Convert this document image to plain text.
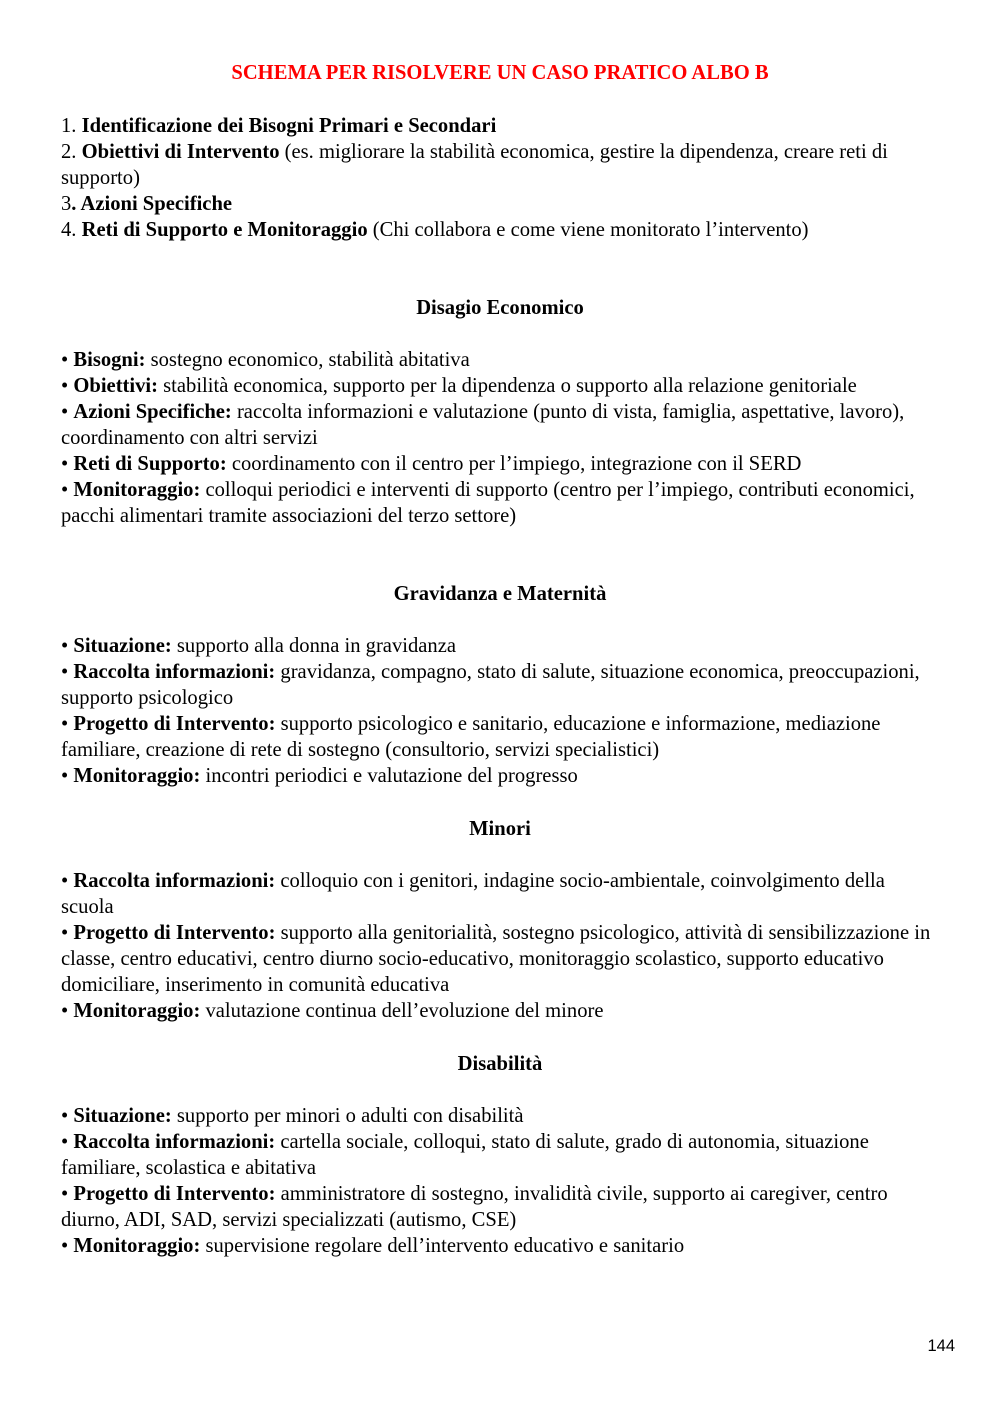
SCHEMA PER RISOLVERE UN CASO PRATICO ALBO B

1. Identificazione dei Bisogni Primari e Secondari

2. Obiettivi di Intervento (es. migliorare la stabilità economica, gestire la dipendenza, creare reti di supporto)

3. Azioni Specifiche

4. Reti di Supporto e Monitoraggio (Chi collabora e come viene monitorato l’intervento)

Disagio Economico

• Bisogni: sostegno economico, stabilità abitativa

• Obiettivi: stabilità economica, supporto per la dipendenza o supporto alla relazione genitoriale

• Azioni Specifiche: raccolta informazioni e valutazione (punto di vista, famiglia, aspettative, lavoro), coordinamento con altri servizi

• Reti di Supporto: coordinamento con il centro per l’impiego, integrazione con il SERD

• Monitoraggio: colloqui periodici e interventi di supporto (centro per l’impiego, contributi economici, pacchi alimentari tramite associazioni del terzo settore)

Gravidanza e Maternità

• Situazione: supporto alla donna in gravidanza

• Raccolta informazioni: gravidanza, compagno, stato di salute, situazione economica, preoccupazioni, supporto psicologico

• Progetto di Intervento: supporto psicologico e sanitario, educazione e informazione, mediazione familiare, creazione di rete di sostegno (consultorio, servizi specialistici)

• Monitoraggio: incontri periodici e valutazione del progresso

Minori

• Raccolta informazioni: colloquio con i genitori, indagine socio-ambientale, coinvolgimento della scuola

• Progetto di Intervento: supporto alla genitorialità, sostegno psicologico, attività di sensibilizzazione in classe, centro educativi, centro diurno socio-educativo, monitoraggio scolastico, supporto educativo domiciliare, inserimento in comunità educativa

• Monitoraggio: valutazione continua dell’evoluzione del minore

Disabilità

• Situazione: supporto per minori o adulti con disabilità

• Raccolta informazioni: cartella sociale, colloqui, stato di salute, grado di autonomia, situazione familiare, scolastica e abitativa

• Progetto di Intervento: amministratore di sostegno, invalidità civile, supporto ai caregiver, centro diurno, ADI, SAD, servizi specializzati (autismo, CSE)

• Monitoraggio: supervisione regolare dell’intervento educativo e sanitario

144
